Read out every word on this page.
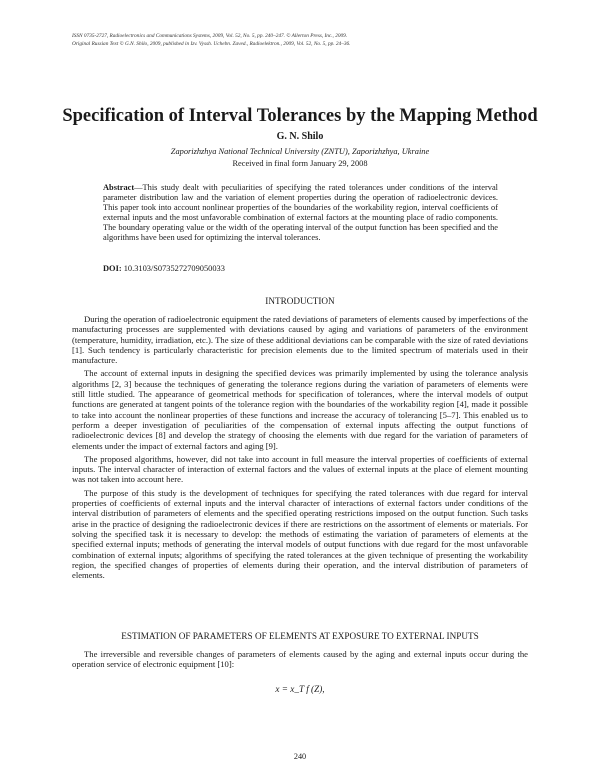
ISSN 0735-2727, Radioelectronics and Communications Systems, 2009, Vol. 52, No. 5, pp. 240–247. © Allerton Press, Inc., 2009.
Original Russian Text © G.N. Shilo, 2009, published in Izv. Vyssh. Uchebn. Zaved., Radioelektron., 2009, Vol. 52, No. 5, pp. 24–36.
Specification of Interval Tolerances by the Mapping Method
G. N. Shilo
Zaporizhzhya National Technical University (ZNTU), Zaporizhzhya, Ukraine
Received in final form January 29, 2008
Abstract—This study dealt with peculiarities of specifying the rated tolerances under conditions of the interval parameter distribution law and the variation of element properties during the operation of radioelectronic devices. This paper took into account nonlinear properties of the boundaries of the workability region, interval coefficients of external inputs and the most unfavorable combination of external factors at the mounting place of radio components. The boundary operating value or the width of the operating interval of the output function has been specified and the algorithms have been used for optimizing the interval tolerances.
DOI: 10.3103/S0735272709050033
INTRODUCTION

During the operation of radioelectronic equipment the rated deviations of parameters of elements caused by imperfections of the manufacturing processes are supplemented with deviations caused by aging and variations of parameters of the environment (temperature, humidity, irradiation, etc.). The size of these additional deviations can be comparable with the size of rated deviations [1]. Such tendency is particularly characteristic for precision elements due to the limited spectrum of materials used in their manufacture.

The account of external inputs in designing the specified devices was primarily implemented by using the tolerance analysis algorithms [2, 3] because the techniques of generating the tolerance regions during the variation of parameters of elements were still little studied. The appearance of geometrical methods for specification of tolerances, where the interval models of output functions are generated at tangent points of the tolerance region with the boundaries of the workability region [4], made it possible to take into account the nonlinear properties of these functions and increase the accuracy of tolerancing [5–7]. This enabled us to perform a deeper investigation of peculiarities of the compensation of external inputs affecting the output functions of radioelectronic devices [8] and develop the strategy of choosing the elements with due regard for the variation of parameters of elements under the impact of external factors and aging [9].

The proposed algorithms, however, did not take into account in full measure the interval properties of coefficients of external inputs. The interval character of interaction of external factors and the values of external inputs at the place of element mounting was not taken into account here.

The purpose of this study is the development of techniques for specifying the rated tolerances with due regard for interval properties of coefficients of external inputs and the interval character of interactions of external factors under conditions of the interval distribution of parameters of elements and the specified operating restrictions imposed on the output function. Such tasks arise in the practice of designing the radioelectronic devices if there are restrictions on the assortment of elements or materials. For solving the specified task it is necessary to develop: the methods of estimating the variation of parameters of elements at the specified external inputs; methods of generating the interval models of output functions with due regard for the most unfavorable combination of external inputs; algorithms of specifying the rated tolerances at the given technique of presenting the workability region, the specified changes of properties of elements during their operation, and the interval distribution of parameters of elements.

ESTIMATION OF PARAMETERS OF ELEMENTS AT EXPOSURE TO EXTERNAL INPUTS

The irreversible and reversible changes of parameters of elements caused by the aging and external inputs occur during the operation service of electronic equipment [10]:

x = x_T f (Z),
240
